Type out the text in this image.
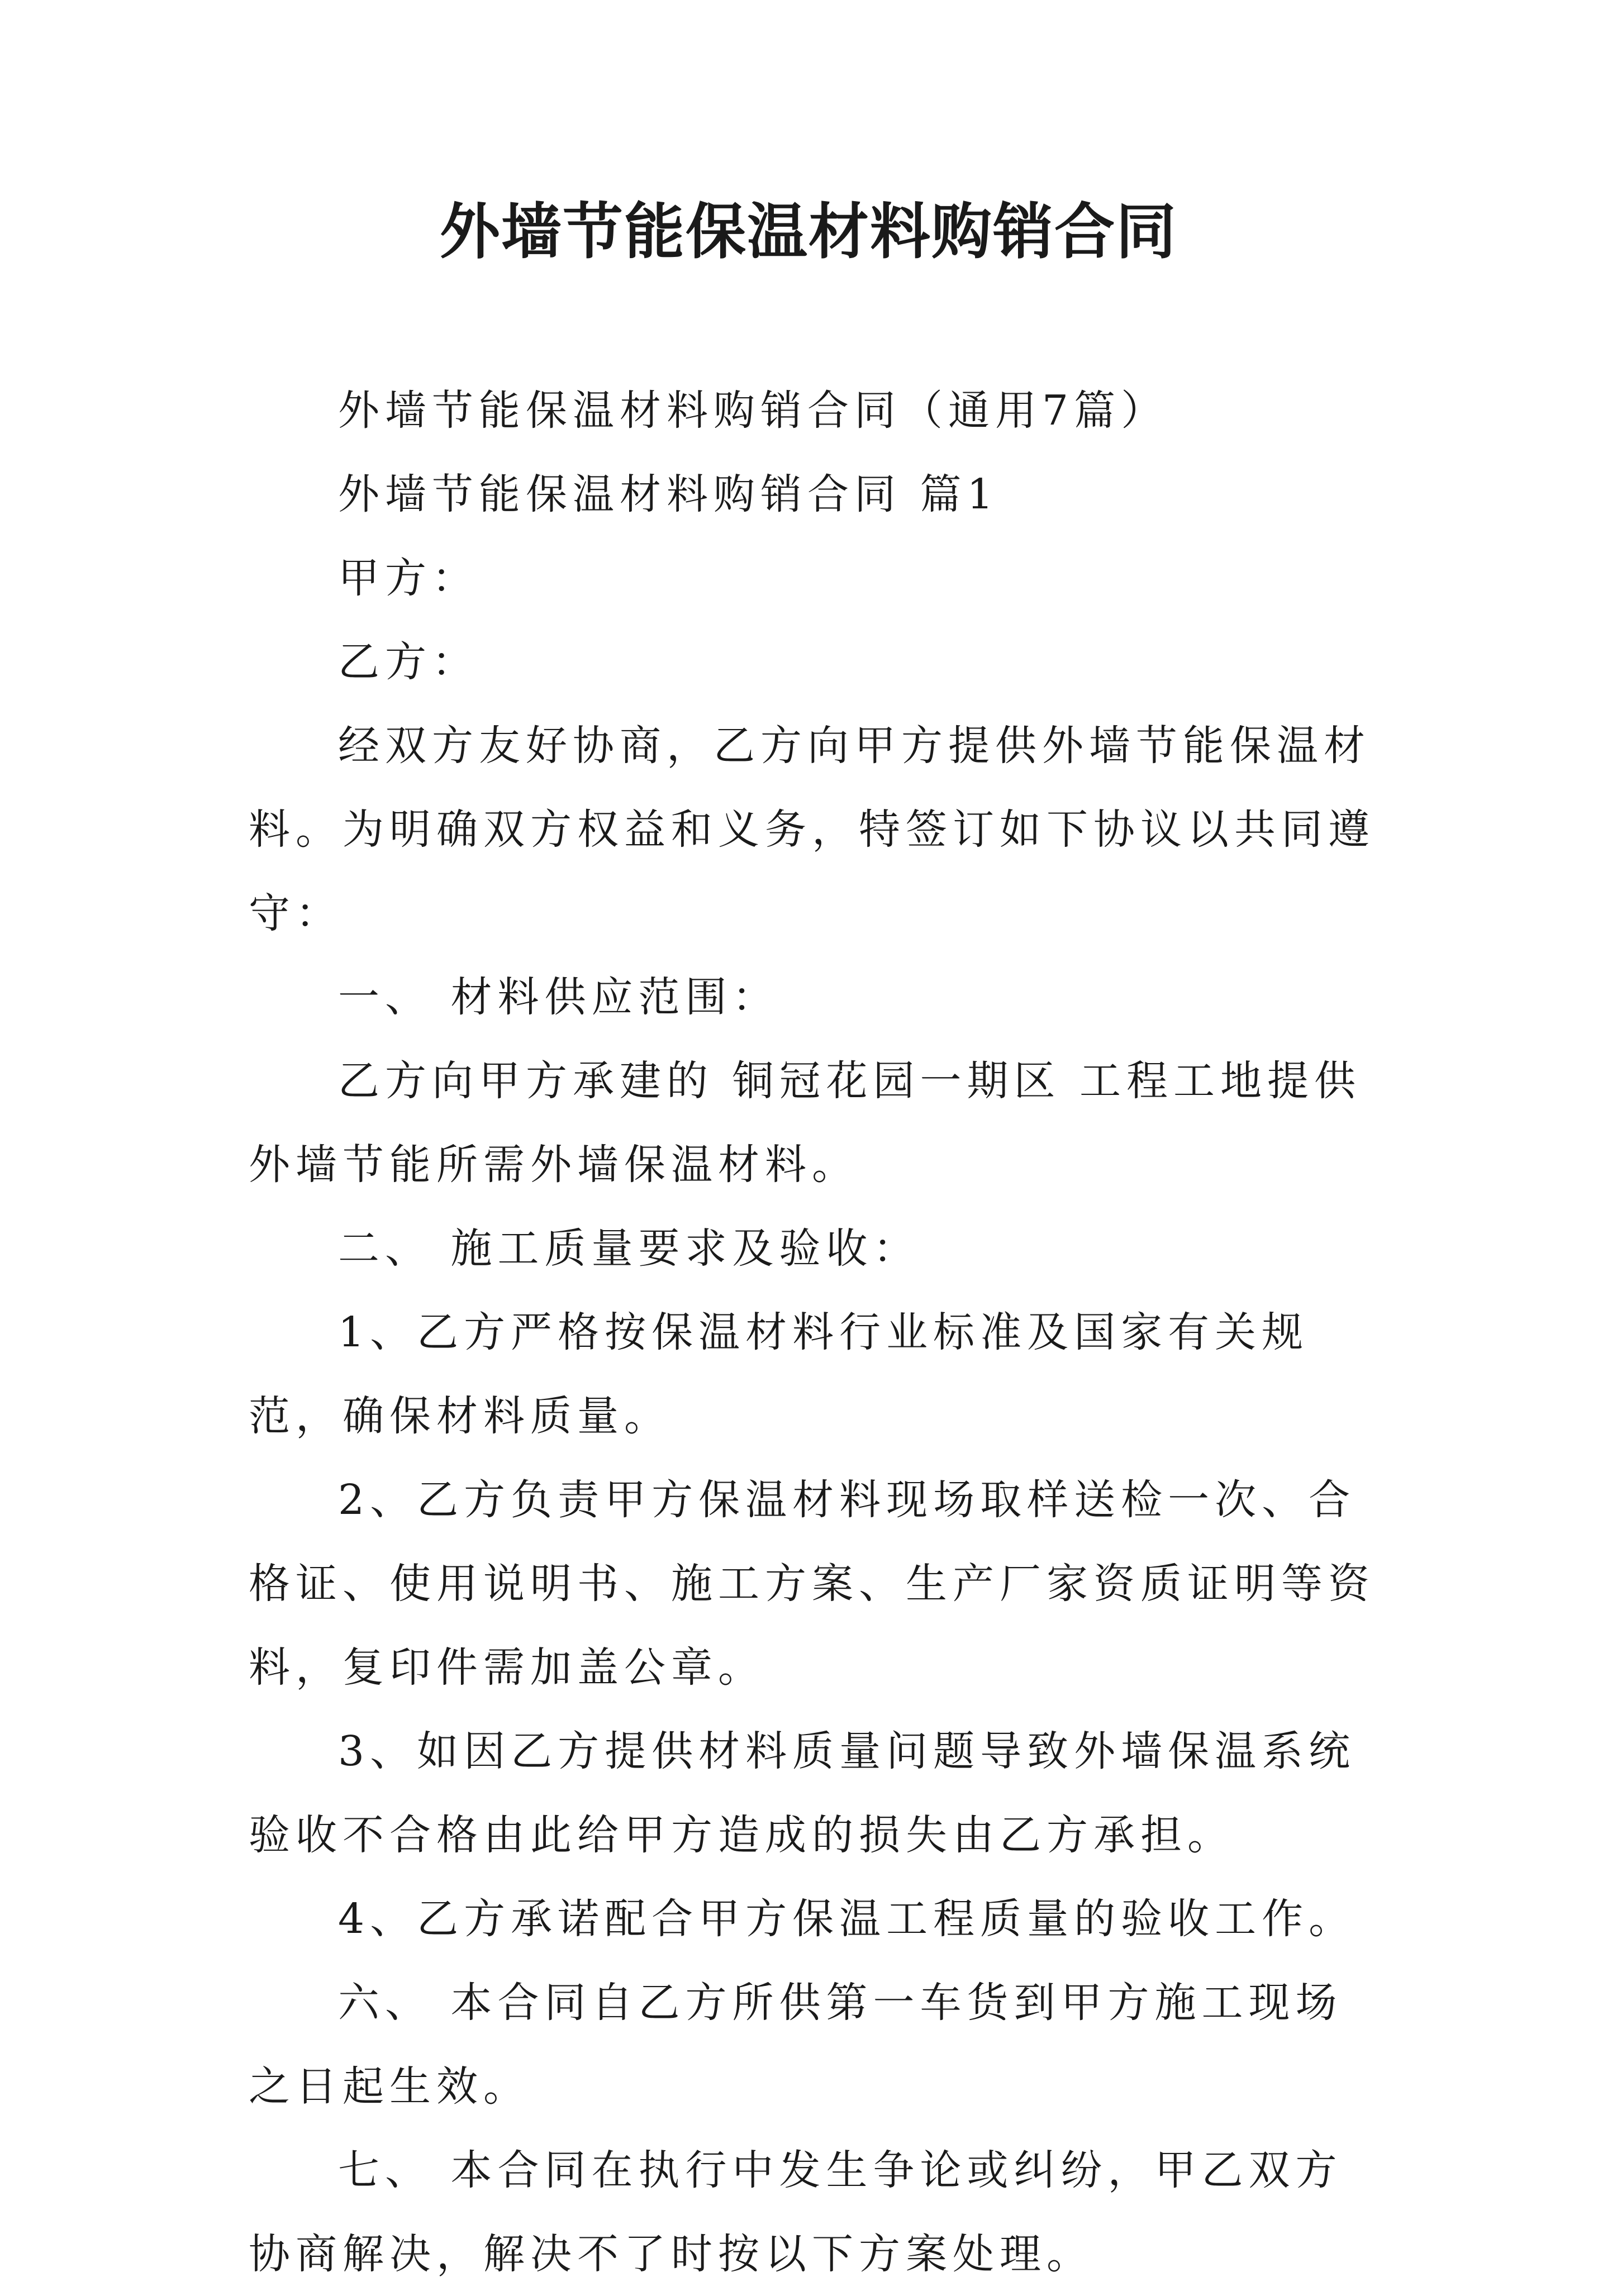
外墙节能保温材料购销合同

外墙节能保温材料购销合同（通用7篇）

外墙节能保温材料购销合同 篇1

甲方：

乙方：

经双方友好协商，乙方向甲方提供外墙节能保温材料。为明确双方权益和义务，特签订如下协议以共同遵守：

一、 材料供应范围：

乙方向甲方承建的 铜冠花园一期区 工程工地提供外墙节能所需外墙保温材料。

二、 施工质量要求及验收：

1、乙方严格按保温材料行业标准及国家有关规范，确保材料质量。

2、乙方负责甲方保温材料现场取样送检一次、合格证、使用说明书、施工方案、生产厂家资质证明等资料，复印件需加盖公章。

3、如因乙方提供材料质量问题导致外墙保温系统验收不合格由此给甲方造成的损失由乙方承担。

4、乙方承诺配合甲方保温工程质量的验收工作。

六、 本合同自乙方所供第一车货到甲方施工现场之日起生效。

七、 本合同在执行中发生争论或纠纷，甲乙双方协商解决，解决不了时按以下方案处理。
